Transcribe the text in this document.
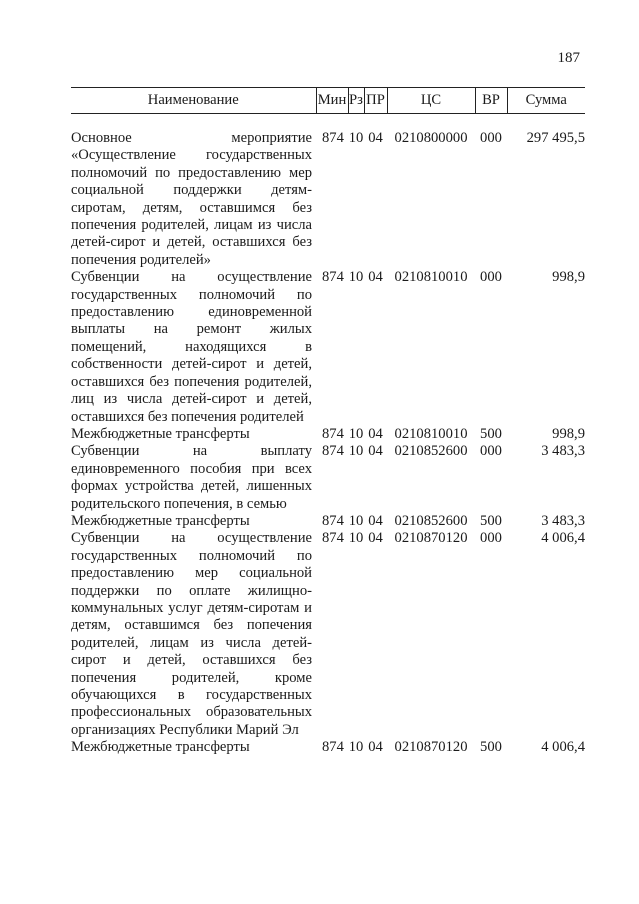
187
Наименование	Мин	Рз	ПР	ЦС	ВР	Сумма

Основное мероприятие «Осуществление государственных полномочий по предоставлению мер социальной поддержки детям-сиротам, детям, оставшимся без попечения родителей, лицам из числа детей-сирот и детей, оставшихся без попечения родителей»	874	10	04	0210800000	000	297 495,5
Субвенции на осуществление государственных полномочий по предоставлению единовременной выплаты на ремонт жилых помещений, находящихся в собственности детей-сирот и детей, оставшихся без попечения родителей, лиц из числа детей-сирот и детей, оставшихся без попечения родителей	874	10	04	0210810010	000	998,9
Межбюджетные трансферты	874	10	04	0210810010	500	998,9
Субвенции на выплату единовременного пособия при всех формах устройства детей, лишенных родительского попечения, в семью	874	10	04	0210852600	000	3 483,3
Межбюджетные трансферты	874	10	04	0210852600	500	3 483,3
Субвенции на осуществление государственных полномочий по предоставлению мер социальной поддержки по оплате жилищно-коммунальных услуг детям-сиротам и детям, оставшимся без попечения родителей, лицам из числа детей-сирот и детей, оставшихся без попечения родителей, кроме обучающихся в государственных профессиональных образовательных организациях Республики Марий Эл	874	10	04	0210870120	000	4 006,4
Межбюджетные трансферты	874	10	04	0210870120	500	4 006,4
